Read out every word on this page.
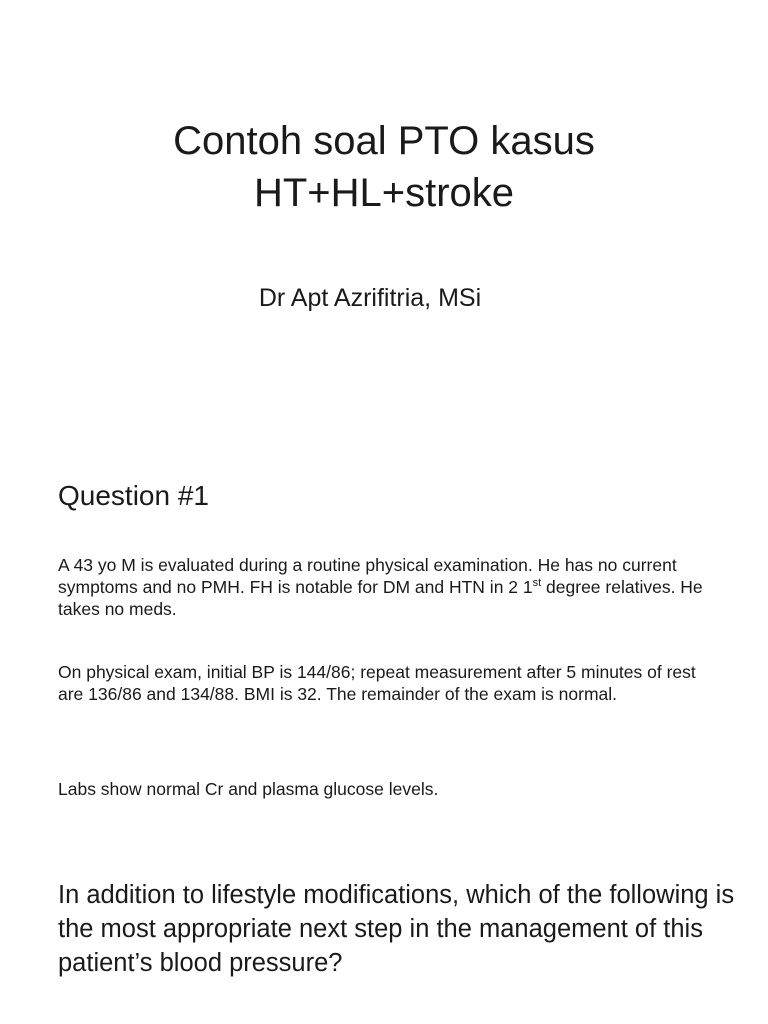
Contoh soal PTO kasus
HT+HL+stroke

Dr Apt Azrifitria, MSi

Question #1

A 43 yo M is evaluated during a routine physical examination. He has no current symptoms and no PMH. FH is notable for DM and HTN in 2 1st degree relatives. He takes no meds.

On physical exam, initial BP is 144/86; repeat measurement after 5 minutes of rest are 136/86 and 134/88. BMI is 32. The remainder of the exam is normal.

Labs show normal Cr and plasma glucose levels.

In addition to lifestyle modifications, which of the following is the most appropriate next step in the management of this patient’s blood pressure?
